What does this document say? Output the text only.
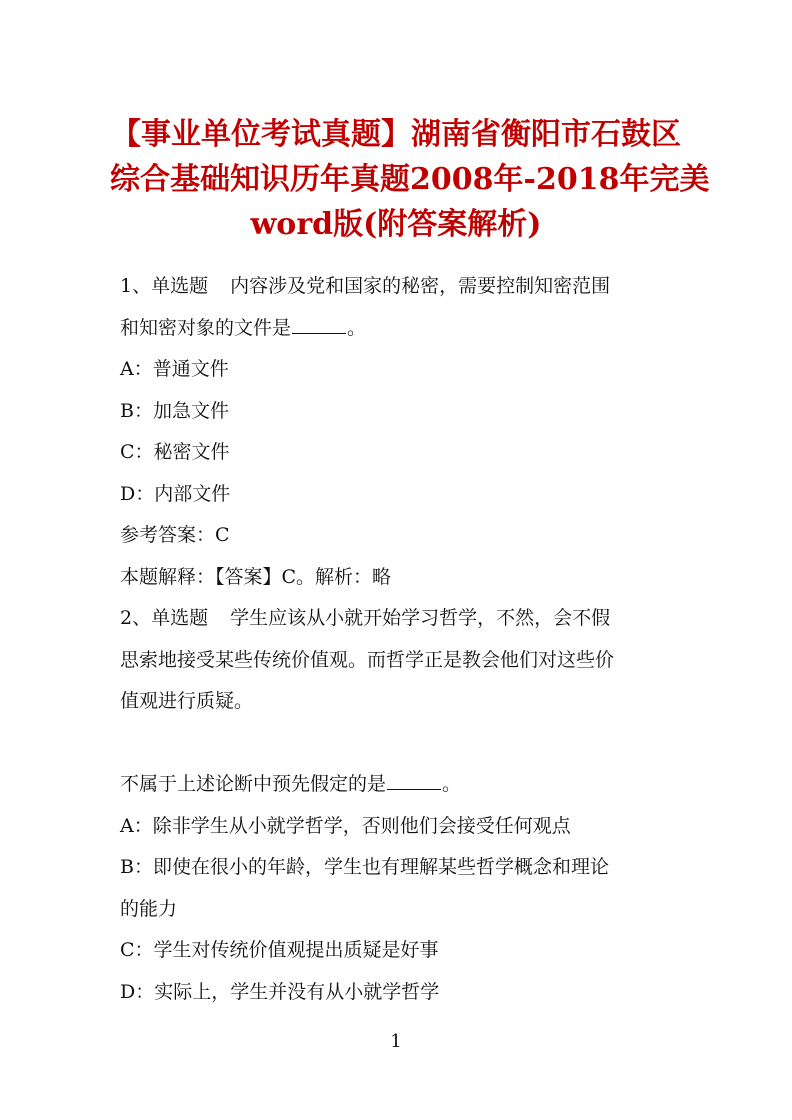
【事业单位考试真题】湖南省衡阳市石鼓区
综合基础知识历年真题2008年-2018年完美
word版(附答案解析)
1、单选题 内容涉及党和国家的秘密，需要控制知密范围
和知密对象的文件是	。
A：普通文件
B：加急文件
C：秘密文件
D：内部文件
参考答案：C
本题解释：【答案】C。解析：略
2、单选题 学生应该从小就开始学习哲学，不然，会不假
思索地接受某些传统价值观。而哲学正是教会他们对这些价
值观进行质疑。
不属于上述论断中预先假定的是	。
A：除非学生从小就学哲学，否则他们会接受任何观点
B：即使在很小的年龄，学生也有理解某些哲学概念和理论
的能力
C：学生对传统价值观提出质疑是好事
D：实际上，学生并没有从小就学哲学
1
